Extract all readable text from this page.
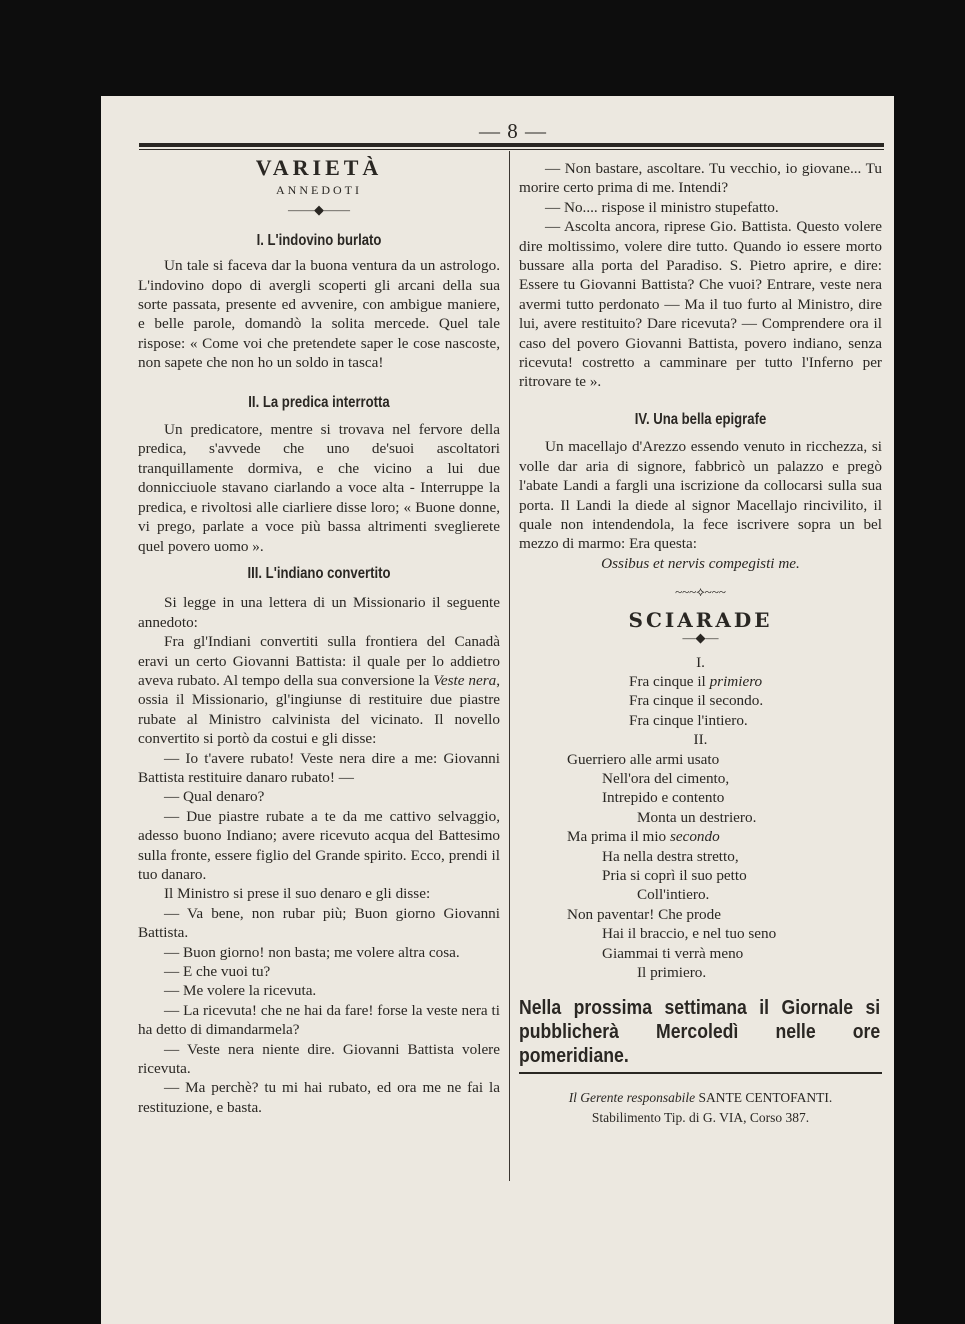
— 8 —
VARIETÀ
ANNEDOTI
——◆——
I. L'indovino burlato

Un tale si faceva dar la buona ventura da un astrologo. L'indovino dopo di avergli scoperti gli arcani della sua sorte passata, presente ed avvenire, con ambigue maniere, e belle parole, domandò la solita mercede. Quel tale rispose: « Come voi che pretendete saper le cose nascoste, non sapete che non ho un soldo in tasca!

II. La predica interrotta

Un predicatore, mentre si trovava nel fervore della predica, s'avvede che uno de'suoi ascoltatori tranquillamente dormiva, e che vicino a lui due donnicciuole stavano ciarlando a voce alta - Interruppe la predica, e rivoltosi alle ciarliere disse loro; « Buone donne, vi prego, parlate a voce più bassa altrimenti sveglierete quel povero uomo ».

III. L'indiano convertito

Si legge in una lettera di un Missionario il seguente annedoto:

Fra gl'Indiani convertiti sulla frontiera del Canadà eravi un certo Giovanni Battista: il quale per lo addietro aveva rubato. Al tempo della sua conversione la Veste nera, ossia il Missionario, gl'ingiunse di restituire due piastre rubate al Ministro calvinista del vicinato. Il novello convertito si portò da costui e gli disse:

— Io t'avere rubato! Veste nera dire a me: Giovanni Battista restituire danaro rubato! —

— Qual denaro?

— Due piastre rubate a te da me cattivo selvaggio, adesso buono Indiano; avere ricevuto acqua del Battesimo sulla fronte, essere figlio del Grande spirito. Ecco, prendi il tuo danaro.

Il Ministro si prese il suo denaro e gli disse:

— Va bene, non rubar più; Buon giorno Giovanni Battista.

— Buon giorno! non basta; me volere altra cosa.

— E che vuoi tu?

— Me volere la ricevuta.

— La ricevuta! che ne hai da fare! forse la veste nera ti ha detto di dimandarmela?

— Veste nera niente dire. Giovanni Battista volere ricevuta.

— Ma perchè? tu mi hai rubato, ed ora me ne fai la restituzione, e basta.

— Non bastare, ascoltare. Tu vecchio, io giovane... Tu morire certo prima di me. Intendi?

— No.... rispose il ministro stupefatto.

— Ascolta ancora, riprese Gio. Battista. Questo volere dire moltissimo, volere dire tutto. Quando io essere morto bussare alla porta del Paradiso. S. Pietro aprire, e dire: Essere tu Giovanni Battista? Che vuoi? Entrare, veste nera avermi tutto perdonato — Ma il tuo furto al Ministro, dire lui, avere restituito? Dare ricevuta? — Comprendere ora il caso del povero Giovanni Battista, povero indiano, senza ricevuta! costretto a camminare per tutto l'Inferno per ritrovare te ».

IV. Una bella epigrafe

Un macellajo d'Arezzo essendo venuto in ricchezza, si volle dar aria di signore, fabbricò un palazzo e pregò l'abate Landi a fargli una iscrizione da collocarsi sulla sua porta. Il Landi la diede al signor Macellajo rincivilito, il quale non intendendola, la fece iscrivere sopra un bel mezzo di marmo: Era questa:

Ossibus et nervis compegisti me.
~~~⟡~~~
SCIARADE
—◆—
I.
Fra cinque il primiero
Fra cinque il secondo.
Fra cinque l'intiero.
II.
Guerriero alle armi usato
Nell'ora del cimento,
Intrepido e contento
Monta un destriero.
Ma prima il mio secondo
Ha nella destra stretto,
Pria si coprì il suo petto
Coll'intiero.
Non paventar! Che prode
Hai il braccio, e nel tuo seno
Giammai ti verrà meno
Il primiero.
Nella prossima settimana il Giornale si pubblicherà Mercoledì nelle ore pomeridiane.
Il Gerente responsabile SANTE CENTOFANTI.
Stabilimento Tip. di G. VIA, Corso 387.
